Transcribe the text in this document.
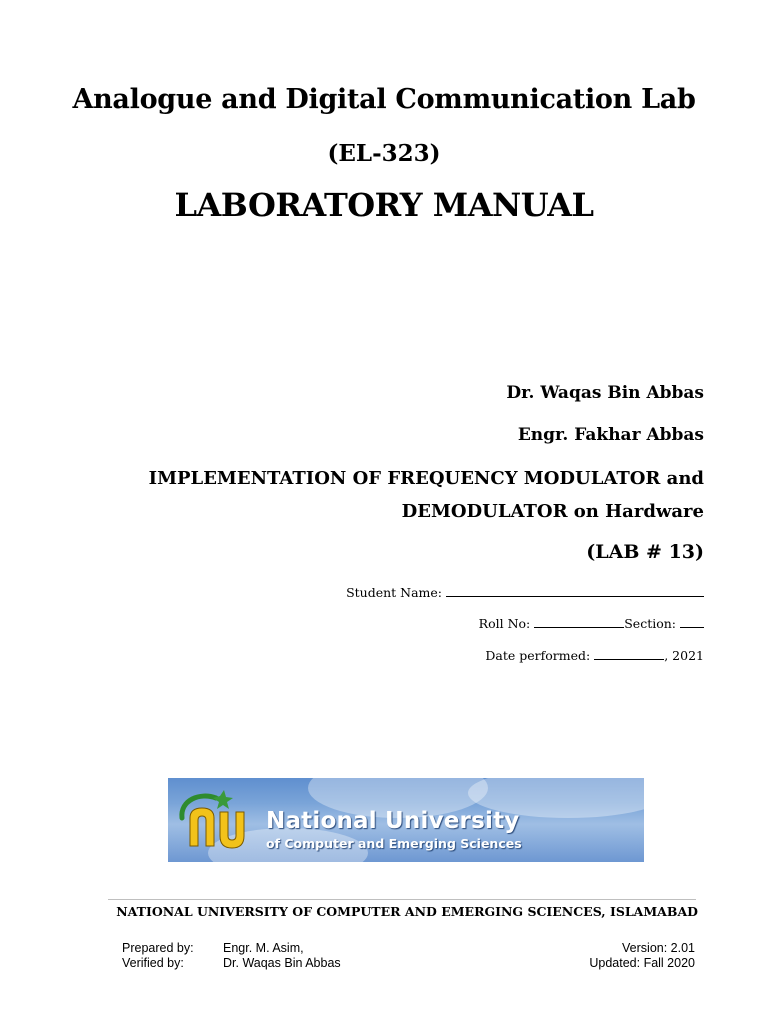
Analogue and Digital Communication Lab
(EL-323)
LABORATORY MANUAL
Dr. Waqas Bin Abbas
Engr. Fakhar Abbas
IMPLEMENTATION OF FREQUENCY MODULATOR and
DEMODULATOR on Hardware
(LAB # 13)
Student Name:
Roll No:	Section:
Date performed:	, 2021
National University
of Computer and Emerging Sciences
NATIONAL UNIVERSITY OF COMPUTER AND EMERGING SCIENCES, ISLAMABAD
Prepared by: Engr. M. Asim,
Verified by:	Dr. Waqas Bin Abbas
Version: 2.01
Updated: Fall 2020
